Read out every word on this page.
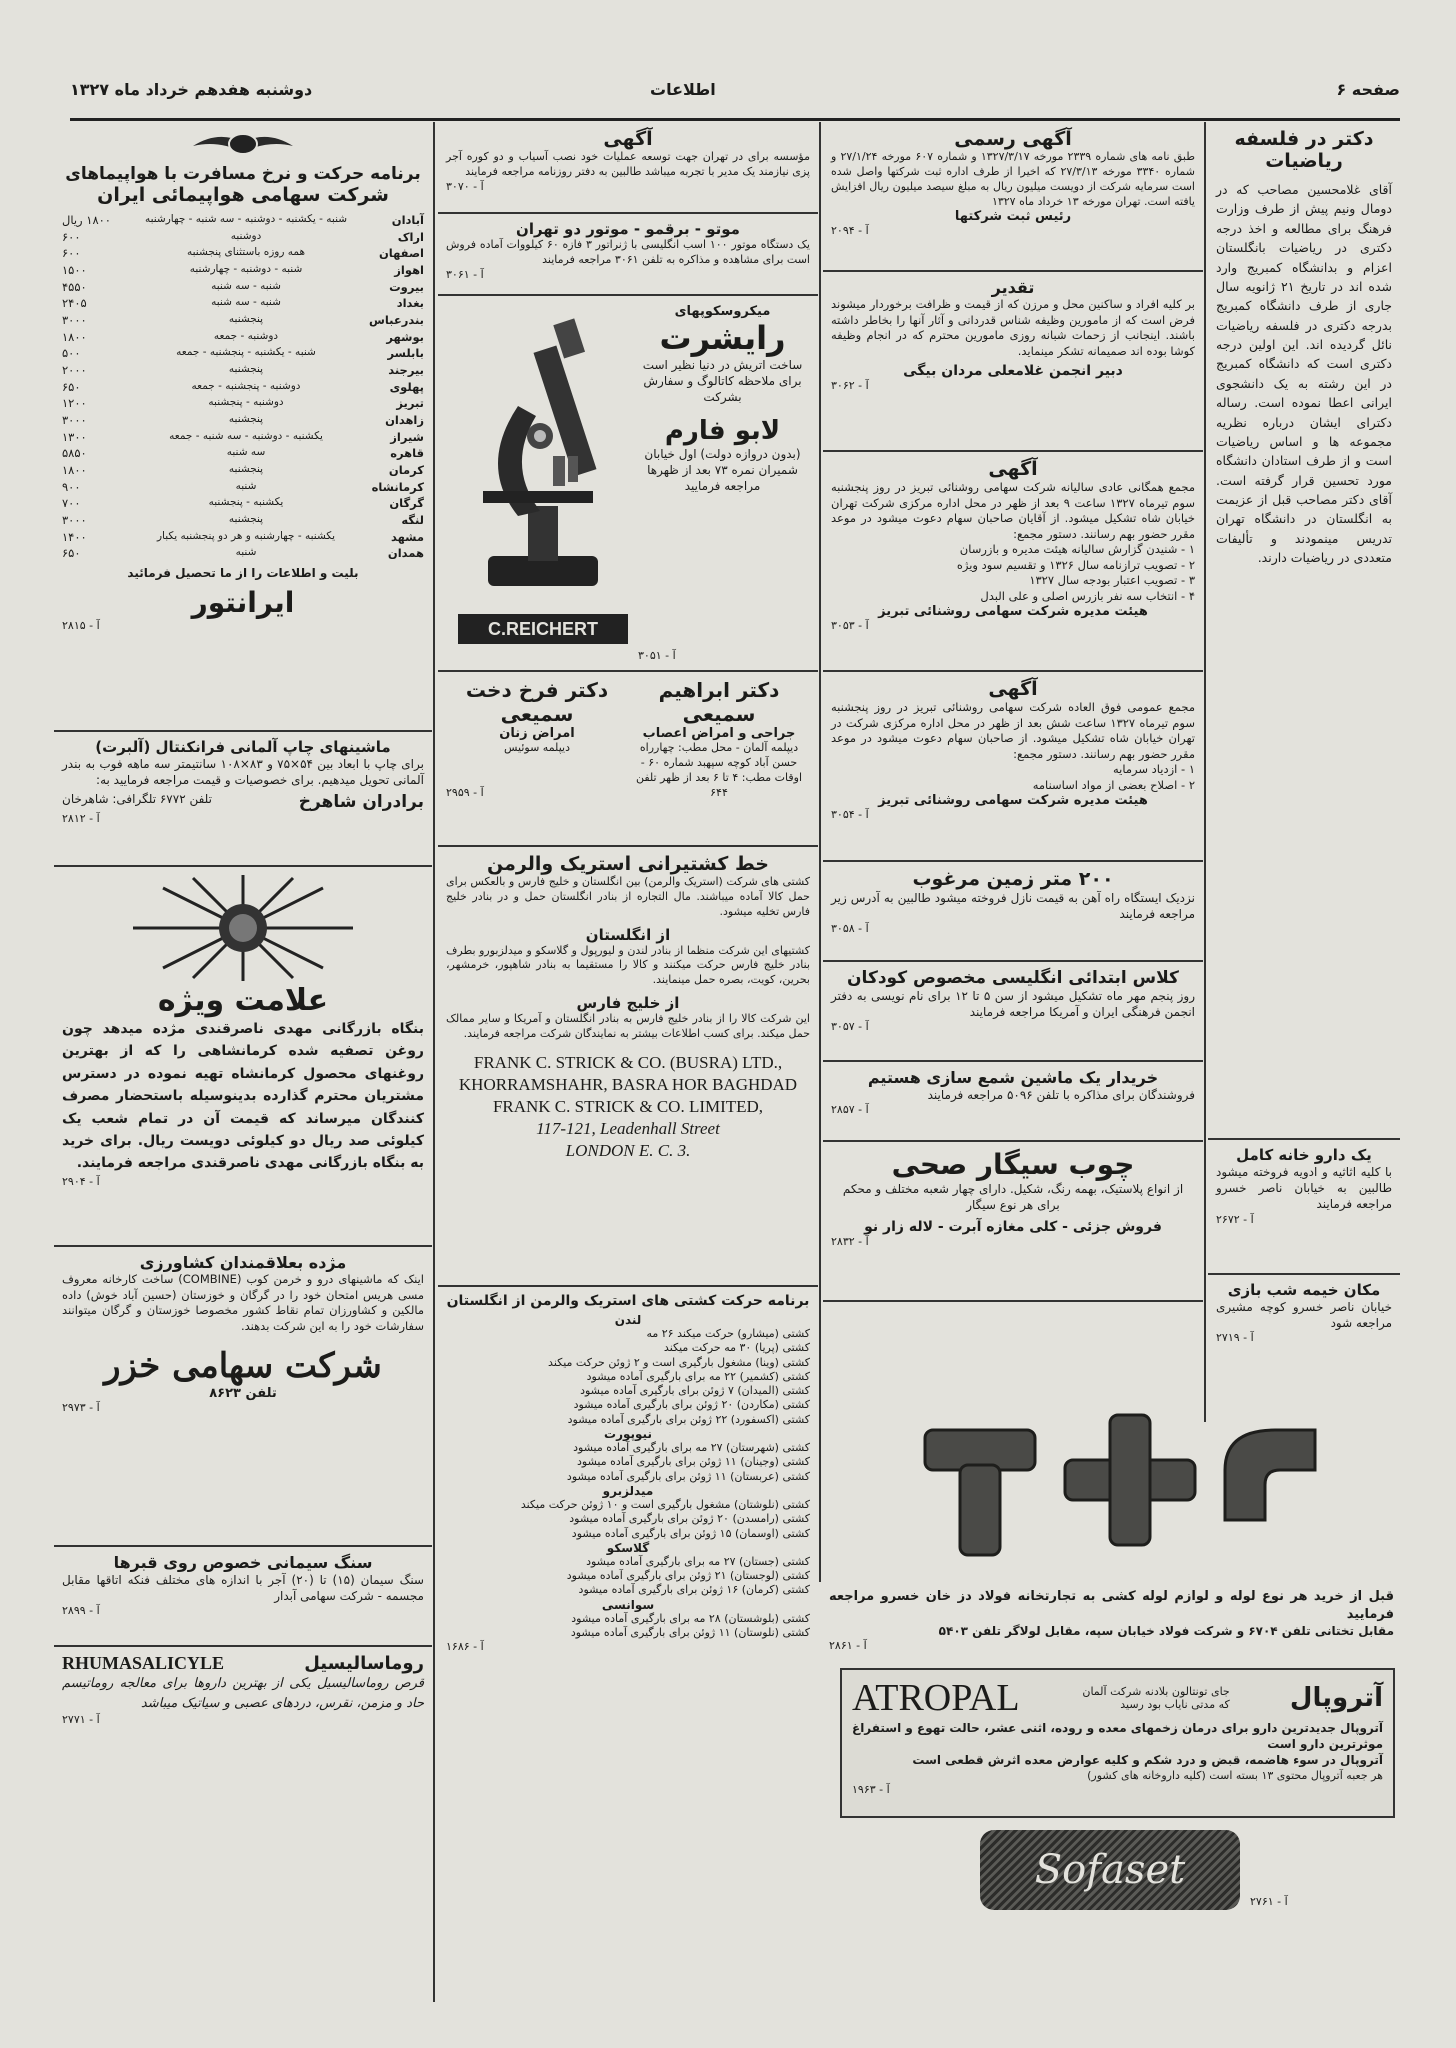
صفحه ۶
اطلاعات
دوشنبه هفدهم خرداد ماه ۱۳۲۷
دکتر در فلسفه
ریاضیات
آقای غلامحسین مصاحب که در دومال ونیم پیش از طرف وزارت فرهنگ برای مطالعه و اخذ درجه دکتری در ریاضیات بانگلستان اعزام و بدانشگاه کمبریج وارد شده اند در تاریخ ۲۱ ژانویه سال جاری از طرف دانشگاه کمبریج بدرجه دکتری در فلسفه ریاضیات نائل گردیده اند. این اولین درجه دکتری است که دانشگاه کمبریج در این رشته به یک دانشجوی ایرانی اعطا نموده است. رساله دکترای ایشان درباره نظریه مجموعه ها و اساس ریاضیات است و از طرف استادان دانشگاه مورد تحسین قرار گرفته است. آقای دکتر مصاحب قبل از عزیمت به انگلستان در دانشگاه تهران تدریس مینمودند و تألیفات متعددی در ریاضیات دارند.
یک دارو خانه کامل
با کلیه اثاثیه و ادویه فروخته میشود طالبین به خیابان ناصر خسرو مراجعه فرمایند
آ - ۲۶۷۲
مکان خیمه شب بازی
خیابان ناصر خسرو کوچه مشیری مراجعه شود
آ - ۲۷۱۹
آگهی رسمی
طبق نامه های شماره ۲۳۳۹ مورخه ۱۳۲۷/۳/۱۷ و شماره ۶۰۷ مورخه ۲۷/۱/۲۴ و شماره ۳۳۴۰ مورخه ۲۷/۳/۱۳ که اخیرا از طرف اداره ثبت شرکتها واصل شده است سرمایه شرکت از دویست میلیون ریال به مبلغ سیصد میلیون ریال افزایش یافته است. تهران مورخه ۱۳ خرداد ماه ۱۳۲۷
رئیس ثبت شرکتها
آ - ۲۰۹۴
تقدیر
بر کلیه افراد و ساکنین محل و مرزن که از قیمت و ظرافت برخوردار میشوند فرض است که از مامورین وظیفه شناس قدردانی و آثار آنها را بخاطر داشته باشند. اینجانب از زحمات شبانه روزی مامورین محترم که در انجام وظیفه کوشا بوده اند صمیمانه تشکر مینماید.
دبیر انجمن غلامعلی مردان بیگی
آ - ۳۰۶۲
آگهی
مجمع همگانی عادی سالیانه شرکت سهامی روشنائی تبریز در روز پنجشنبه سوم تیرماه ۱۳۲۷ ساعت ۹ بعد از ظهر در محل اداره مرکزی شرکت تهران خیابان شاه تشکیل میشود. از آقایان صاحبان سهام دعوت میشود در موعد مقرر حضور بهم رسانند. دستور مجمع:
۱ - شنیدن گزارش سالیانه هیئت مدیره و بازرسان
۲ - تصویب ترازنامه سال ۱۳۲۶ و تقسیم سود ویژه
۳ - تصویب اعتبار بودجه سال ۱۳۲۷
۴ - انتخاب سه نفر بازرس اصلی و علی البدل
هیئت مدیره شرکت سهامی روشنائی تبریز
آ - ۳۰۵۳
آگهی
مجمع عمومی فوق العاده شرکت سهامی روشنائی تبریز در روز پنجشنبه سوم تیرماه ۱۳۲۷ ساعت شش بعد از ظهر در محل اداره مرکزی شرکت در تهران خیابان شاه تشکیل میشود. از صاحبان سهام دعوت میشود در موعد مقرر حضور بهم رسانند. دستور مجمع:
۱ - ازدیاد سرمایه
۲ - اصلاح بعضی از مواد اساسنامه
هیئت مدیره شرکت سهامی روشنائی تبریز
آ - ۳۰۵۴
۲۰۰ متر زمین مرغوب
نزدیک ایستگاه راه آهن به قیمت نازل فروخته میشود طالبین به آدرس زیر مراجعه فرمایند
آ - ۳۰۵۸
کلاس ابتدائی انگلیسی مخصوص کودکان
روز پنجم مهر ماه تشکیل میشود از سن ۵ تا ۱۲ برای نام نویسی به دفتر انجمن فرهنگی ایران و آمریکا مراجعه فرمایند
آ - ۳۰۵۷
خریدار یک ماشین شمع سازی هستیم
فروشندگان برای مذاکره با تلفن ۵۰۹۶ مراجعه فرمایند
آ - ۲۸۵۷
چوب سیگار صحی
از انواع پلاستیک، بهمه رنگ، شکیل. دارای چهار شعبه مختلف و محکم برای هر نوع سیگار
فروش جزئی - کلی مغازه آبرت - لاله زار نو
آ - ۲۸۳۲
آگهی
مؤسسه برای در تهران جهت توسعه عملیات خود نصب آسیاب و دو کوره آجر پزی نیازمند یک مدیر با تجربه میباشد طالبین به دفتر روزنامه مراجعه فرمایند
آ - ۳۰۷۰
موتو - برقمو - موتور دو تهران
یک دستگاه موتور ۱۰۰ اسب انگلیسی با ژنراتور ۳ فازه ۶۰ کیلووات آماده فروش است برای مشاهده و مذاکره به تلفن ۳۰۶۱ مراجعه فرمایند
آ - ۳۰۶۱
میکروسکوپهای
رایشرت
ساخت اتریش در دنیا نظیر است برای ملاحظه کاتالوگ و سفارش بشرکت
لابو فارم
(بدون دروازه دولت) اول خیابان شمیران نمره ۷۳ بعد از ظهرها مراجعه فرمایید
C.REICHERT
آ - ۳۰۵۱
دکتر ابراهیم سمیعی
جراحی و امراض اعصاب
دیپلمه آلمان - محل مطب: چهارراه حسن آباد کوچه سپهبد شماره ۶۰ - اوقات مطب: ۴ تا ۶ بعد از ظهر تلفن ۶۴۴
دکتر فرخ دخت سمیعی
امراض زنان
دیپلمه سوئیس
آ - ۲۹۵۹
خط کشتیرانی استریک والرمن
کشتی های شرکت (استریک والرمن) بین انگلستان و خلیج فارس و بالعکس برای حمل کالا آماده میباشند. مال التجاره از بنادر انگلستان حمل و در بنادر خلیج فارس تخلیه میشود.
از انگلستان
کشتیهای این شرکت منظما از بنادر لندن و لیورپول و گلاسکو و میدلزبورو بطرف بنادر خلیج فارس حرکت میکنند و کالا را مستقیما به بنادر شاهپور، خرمشهر، بحرین، کویت، بصره حمل مینمایند.
از خلیج فارس
این شرکت کالا را از بنادر خلیج فارس به بنادر انگلستان و آمریکا و سایر ممالک حمل میکند. برای کسب اطلاعات بیشتر به نمایندگان شرکت مراجعه فرمایند.
FRANK C. STRICK & CO. (BUSRA) LTD.,
KHORRAMSHAHR, BASRA HOR BAGHDAD
FRANK C. STRICK & CO. LIMITED,
117-121, Leadenhall Street
LONDON E. C. 3.
برنامه حرکت کشتی های استریک والرمن از انگلستان
لندن
کشتی (میشارو) حرکت میکند ۲۶ مه
کشتی (پریا) ۳۰ مه حرکت میکند
کشتی (وینا) مشغول بارگیری است و ۲ ژوئن حرکت میکند
کشتی (کشمیر) ۲۲ مه برای بارگیری آماده میشود
کشتی (المیدان) ۷ ژوئن برای بارگیری آماده میشود
کشتی (مکاردن) ۲۰ ژوئن برای بارگیری آماده میشود
کشتی (اکسفورد) ۲۲ ژوئن برای بارگیری آماده میشود
نیوپورت
کشتی (شهرستان) ۲۷ مه برای بارگیری آماده میشود
کشتی (وجینان) ۱۱ ژوئن برای بارگیری آماده میشود
کشتی (عربستان) ۱۱ ژوئن برای بارگیری آماده میشود
میدلزبرو
کشتی (نلوشتان) مشغول بارگیری است و ۱۰ ژوئن حرکت میکند
کشتی (رامسدن) ۲۰ ژوئن برای بارگیری آماده میشود
کشتی (اوسمان) ۱۵ ژوئن برای بارگیری آماده میشود
گلاسکو
کشتی (جستان) ۲۷ مه برای بارگیری آماده میشود
کشتی (لوجستان) ۲۱ ژوئن برای بارگیری آماده میشود
کشتی (کرمان) ۱۶ ژوئن برای بارگیری آماده میشود
سوانسی
کشتی (بلوشستان) ۲۸ مه برای بارگیری آماده میشود
کشتی (نلوستان) ۱۱ ژوئن برای بارگیری آماده میشود
آ - ۱۶۸۶
برنامه حرکت و نرخ مسافرت با هواپیماهای
شرکت سهامی هواپیمائی ایران
آبادان
شنبه - یکشنبه - دوشنبه - سه شنبه - چهارشنبه
۱۸۰۰ ریال
اراک
دوشنبه
۶۰۰
اصفهان
همه روزه باستثنای پنجشنبه
۶۰۰
اهواز
شنبه - دوشنبه - چهارشنبه
۱۵۰۰
بیروت
شنبه - سه شنبه
۴۵۵۰
بغداد
شنبه - سه شنبه
۲۴۰۵
بندرعباس
پنجشنبه
۳۰۰۰
بوشهر
دوشنبه - جمعه
۱۸۰۰
بابلسر
شنبه - یکشنبه - پنجشنبه - جمعه
۵۰۰
بیرجند
پنجشنبه
۲۰۰۰
پهلوی
دوشنبه - پنجشنبه - جمعه
۶۵۰
تبریز
دوشنبه - پنجشنبه
۱۲۰۰
زاهدان
پنجشنبه
۳۰۰۰
شیراز
یکشنبه - دوشنبه - سه شنبه - جمعه
۱۳۰۰
قاهره
سه شنبه
۵۸۵۰
کرمان
پنجشنبه
۱۸۰۰
کرمانشاه
شنبه
۹۰۰
گرگان
یکشنبه - پنجشنبه
۷۰۰
لنگه
پنجشنبه
۳۰۰۰
مشهد
یکشنبه - چهارشنبه و هر دو پنجشنبه یکبار
۱۴۰۰
همدان
شنبه
۶۵۰
بلیت و اطلاعات را از ما تحصیل فرمائید
ایرانتور
آ - ۲۸۱۵
ماشینهای چاپ آلمانی فرانکنتال (آلبرت)
برای چاپ با ابعاد بین ۵۴×۷۵ و ۸۳×۱۰۸ سانتیمتر سه ماهه فوب به بندر آلمانی تحویل میدهیم. برای خصوصیات و قیمت مراجعه فرمایید به:
برادران شاهرخ
تلفن ۶۷۷۲ تلگرافی: شاهرخان
آ - ۲۸۱۲
علامت ویژه
بنگاه بازرگانی مهدی ناصرقندی مژده میدهد چون روغن تصفیه شده کرمانشاهی را که از بهترین روغنهای محصول کرمانشاه تهیه نموده در دسترس مشتریان محترم گذارده بدینوسیله باستحضار مصرف کنندگان میرساند که قیمت آن در تمام شعب یک کیلوئی صد ریال دو کیلوئی دویست ریال. برای خرید به بنگاه بازرگانی مهدی ناصرقندی مراجعه فرمایند.
آ - ۲۹۰۴
مژده بعلاقمندان کشاورزی
اینک که ماشینهای درو و خرمن کوب (COMBINE) ساخت کارخانه معروف مسی هریس امتحان خود را در گرگان و خوزستان (حسین آباد خوش) داده مالکین و کشاورزان تمام نقاط کشور مخصوصا خوزستان و گرگان میتوانند سفارشات خود را به این شرکت بدهند.
شرکت سهامی خزر
تلفن ۸۶۲۳
آ - ۲۹۷۳
سنگ سیمانی خصوص روی قبرها
سنگ سیمان (۱۵) تا (۲۰) آجر با اندازه های مختلف فنکه اتاقها مقابل مجسمه - شرکت سهامی آبدار
آ - ۲۸۹۹
روماسالیسیل
RHUMASALICYLE
قرص روماسالیسیل یکی از بهترین داروها برای معالجه روماتیسم حاد و مزمن، نقرس، دردهای عصبی و سیاتیک میباشد
آ - ۲۷۷۱
قبل از خرید هر نوع لوله و لوازم لوله کشی به تجارتخانه فولاد دز خان خسرو مراجعه فرمایید
مقابل تختانی تلفن ۶۷۰۴ و شرکت فولاد خیابان سپه، مقابل لولاگر تلفن ۵۴۰۳
آ - ۲۸۶۱
آتروپال
جای تونتالون بلادنه شرکت آلمان که مدتی نایاب بود رسید
ATROPAL
آتروپال جدیدترین دارو برای درمان زخمهای معده و روده، اثنی عشر، حالت تهوع و استفراغ موثرترین دارو است
آتروپال در سوء هاضمه، قبض و درد شکم و کلیه عوارض معده اثرش قطعی است
هر جعبه آتروپال محتوی ۱۳ بسته است (کلیه داروخانه های کشور)
آ - ۱۹۶۳
Sofaset
آ - ۲۷۶۱
